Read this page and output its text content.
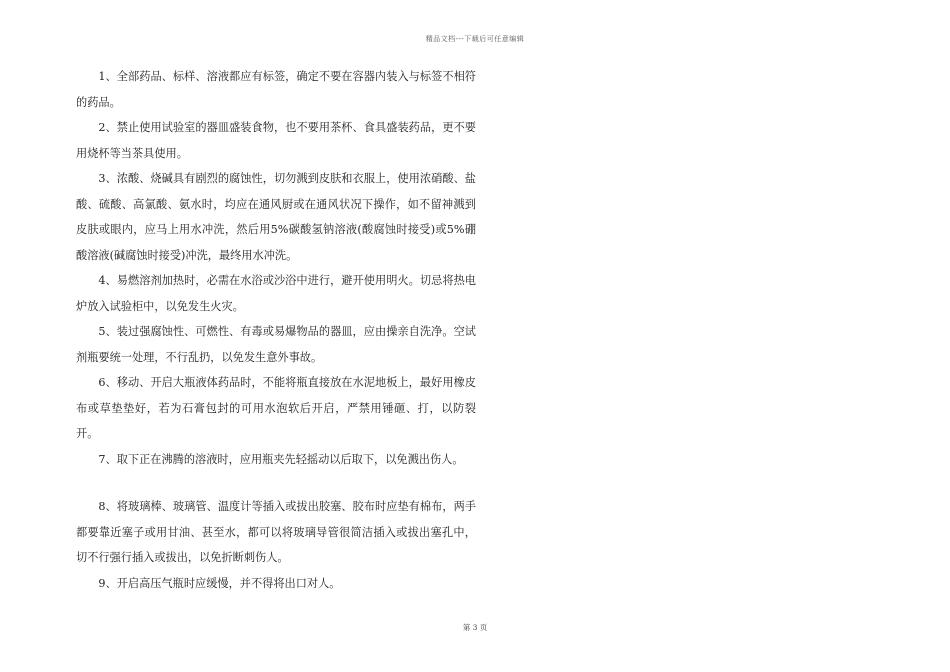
精品文档---下载后可任意编辑

1、全部药品、标样、溶液都应有标签，确定不要在容器内装入与标签不相符的药品。

2、禁止使用试验室的器皿盛装食物，也不要用茶杯、食具盛装药品，更不要用烧杯等当茶具使用。

3、浓酸、烧碱具有剧烈的腐蚀性，切勿溅到皮肤和衣服上，使用浓硝酸、盐酸、硫酸、高氯酸、氨水时，均应在通风厨或在通风状况下操作，如不留神溅到皮肤或眼内，应马上用水冲洗，然后用5%碳酸氢钠溶液(酸腐蚀时接受)或5%硼酸溶液(碱腐蚀时接受)冲洗，最终用水冲洗。

4、易燃溶剂加热时，必需在水浴或沙浴中进行，避开使用明火。切忌将热电炉放入试验柜中，以免发生火灾。

5、装过强腐蚀性、可燃性、有毒或易爆物品的器皿，应由操亲自洗净。空试剂瓶要统一处理，不行乱扔，以免发生意外事故。

6、移动、开启大瓶液体药品时，不能将瓶直接放在水泥地板上，最好用橡皮布或草垫垫好，若为石膏包封的可用水泡软后开启，严禁用锤砸、打，以防裂开。

7、取下正在沸腾的溶液时，应用瓶夹先轻摇动以后取下，以免溅出伤人。

8、将玻璃棒、玻璃管、温度计等插入或拔出胶塞、胶布时应垫有棉布，两手都要靠近塞子或用甘油、甚至水，都可以将玻璃导管很简洁插入或拔出塞孔中，切不行强行插入或拔出，以免折断刺伤人。

9、开启高压气瓶时应缓慢，并不得将出口对人。

第 3 页
